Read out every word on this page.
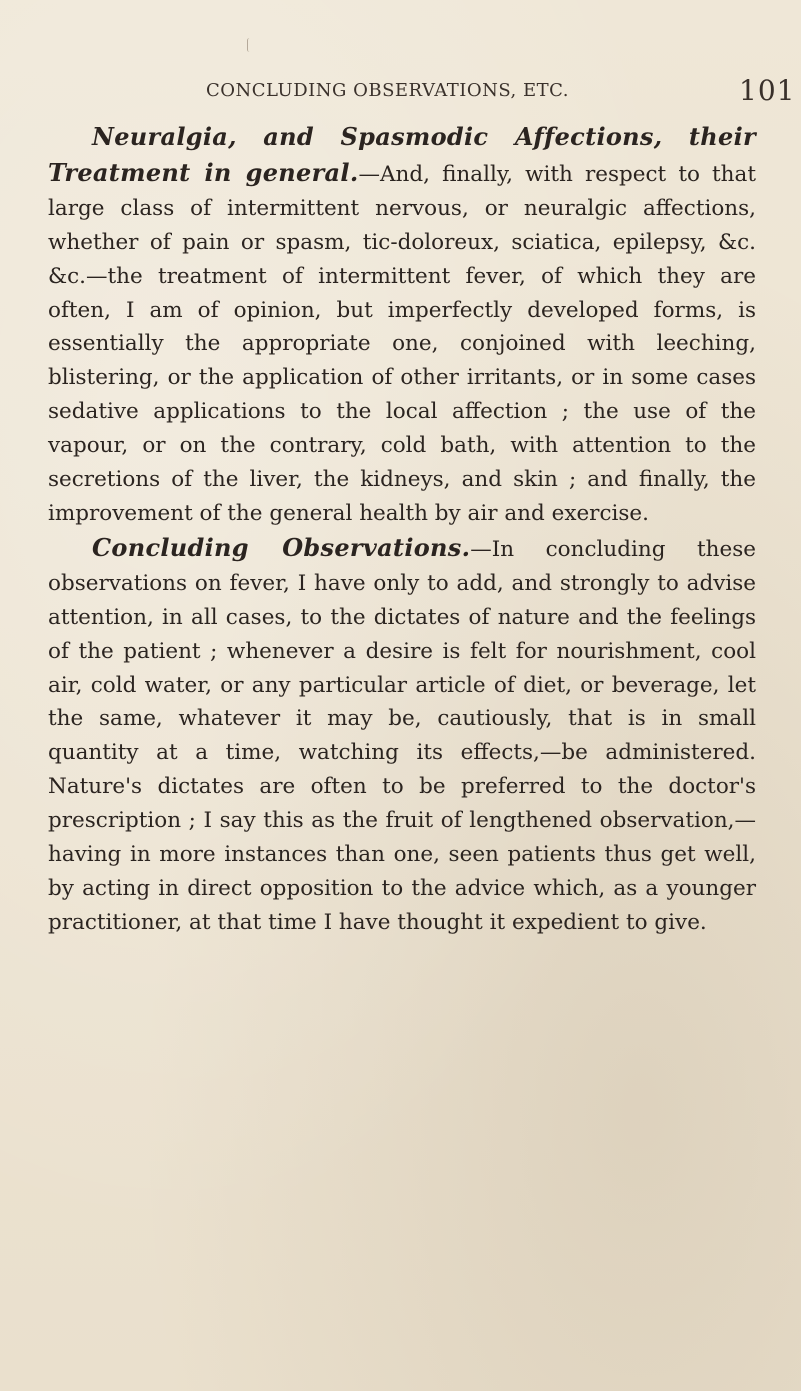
CONCLUDING OBSERVATIONS, ETC.	101

Neuralgia, and Spasmodic Affections, their Treatment in general.—And, finally, with respect to that large class of intermittent nervous, or neuralgic affections, whether of pain or spasm, tic-doloreux, sciatica, epilepsy, &c. &c.—the treatment of intermittent fever, of which they are often, I am of opinion, but imperfectly developed forms, is essentially the appropriate one, conjoined with leeching, blistering, or the application of other irritants, or in some cases sedative applications to the local affection ; the use of the vapour, or on the contrary, cold bath, with attention to the secretions of the liver, the kidneys, and skin ; and finally, the improvement of the general health by air and exercise.

Concluding Observations.—In concluding these observations on fever, I have only to add, and strongly to advise attention, in all cases, to the dictates of nature and the feelings of the patient ; whenever a desire is felt for nourishment, cool air, cold water, or any particular article of diet, or beverage, let the same, whatever it may be, cautiously, that is in small quantity at a time, watching its effects,—be administered. Nature's dictates are often to be preferred to the doctor's prescription ; I say this as the fruit of lengthened observation,—having in more instances than one, seen patients thus get well, by acting in direct opposition to the advice which, as a younger practitioner, at that time I have thought it expedient to give.
